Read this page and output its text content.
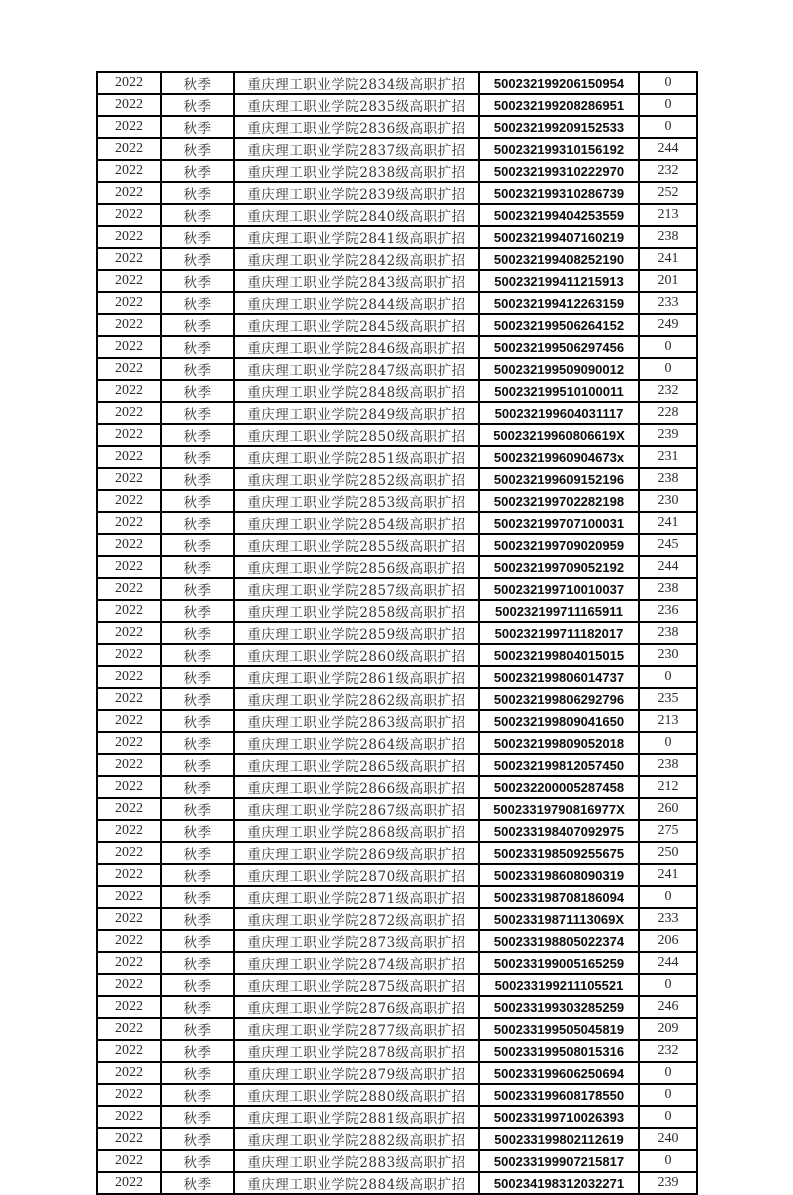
2022	秋季	重庆理工职业学院2834级高职扩招	500232199206150954	0
2022	秋季	重庆理工职业学院2835级高职扩招	500232199208286951	0
2022	秋季	重庆理工职业学院2836级高职扩招	500232199209152533	0
2022	秋季	重庆理工职业学院2837级高职扩招	500232199310156192	244
2022	秋季	重庆理工职业学院2838级高职扩招	500232199310222970	232
2022	秋季	重庆理工职业学院2839级高职扩招	500232199310286739	252
2022	秋季	重庆理工职业学院2840级高职扩招	500232199404253559	213
2022	秋季	重庆理工职业学院2841级高职扩招	500232199407160219	238
2022	秋季	重庆理工职业学院2842级高职扩招	500232199408252190	241
2022	秋季	重庆理工职业学院2843级高职扩招	500232199411215913	201
2022	秋季	重庆理工职业学院2844级高职扩招	500232199412263159	233
2022	秋季	重庆理工职业学院2845级高职扩招	500232199506264152	249
2022	秋季	重庆理工职业学院2846级高职扩招	500232199506297456	0
2022	秋季	重庆理工职业学院2847级高职扩招	500232199509090012	0
2022	秋季	重庆理工职业学院2848级高职扩招	500232199510100011	232
2022	秋季	重庆理工职业学院2849级高职扩招	500232199604031117	228
2022	秋季	重庆理工职业学院2850级高职扩招	50023219960806619X	239
2022	秋季	重庆理工职业学院2851级高职扩招	50023219960904673x	231
2022	秋季	重庆理工职业学院2852级高职扩招	500232199609152196	238
2022	秋季	重庆理工职业学院2853级高职扩招	500232199702282198	230
2022	秋季	重庆理工职业学院2854级高职扩招	500232199707100031	241
2022	秋季	重庆理工职业学院2855级高职扩招	500232199709020959	245
2022	秋季	重庆理工职业学院2856级高职扩招	500232199709052192	244
2022	秋季	重庆理工职业学院2857级高职扩招	500232199710010037	238
2022	秋季	重庆理工职业学院2858级高职扩招	500232199711165911	236
2022	秋季	重庆理工职业学院2859级高职扩招	500232199711182017	238
2022	秋季	重庆理工职业学院2860级高职扩招	500232199804015015	230
2022	秋季	重庆理工职业学院2861级高职扩招	500232199806014737	0
2022	秋季	重庆理工职业学院2862级高职扩招	500232199806292796	235
2022	秋季	重庆理工职业学院2863级高职扩招	500232199809041650	213
2022	秋季	重庆理工职业学院2864级高职扩招	500232199809052018	0
2022	秋季	重庆理工职业学院2865级高职扩招	500232199812057450	238
2022	秋季	重庆理工职业学院2866级高职扩招	500232200005287458	212
2022	秋季	重庆理工职业学院2867级高职扩招	50023319790816977X	260
2022	秋季	重庆理工职业学院2868级高职扩招	500233198407092975	275
2022	秋季	重庆理工职业学院2869级高职扩招	500233198509255675	250
2022	秋季	重庆理工职业学院2870级高职扩招	500233198608090319	241
2022	秋季	重庆理工职业学院2871级高职扩招	500233198708186094	0
2022	秋季	重庆理工职业学院2872级高职扩招	50023319871113069X	233
2022	秋季	重庆理工职业学院2873级高职扩招	500233198805022374	206
2022	秋季	重庆理工职业学院2874级高职扩招	500233199005165259	244
2022	秋季	重庆理工职业学院2875级高职扩招	500233199211105521	0
2022	秋季	重庆理工职业学院2876级高职扩招	500233199303285259	246
2022	秋季	重庆理工职业学院2877级高职扩招	500233199505045819	209
2022	秋季	重庆理工职业学院2878级高职扩招	500233199508015316	232
2022	秋季	重庆理工职业学院2879级高职扩招	500233199606250694	0
2022	秋季	重庆理工职业学院2880级高职扩招	500233199608178550	0
2022	秋季	重庆理工职业学院2881级高职扩招	500233199710026393	0
2022	秋季	重庆理工职业学院2882级高职扩招	500233199802112619	240
2022	秋季	重庆理工职业学院2883级高职扩招	500233199907215817	0
2022	秋季	重庆理工职业学院2884级高职扩招	500234198312032271	239
